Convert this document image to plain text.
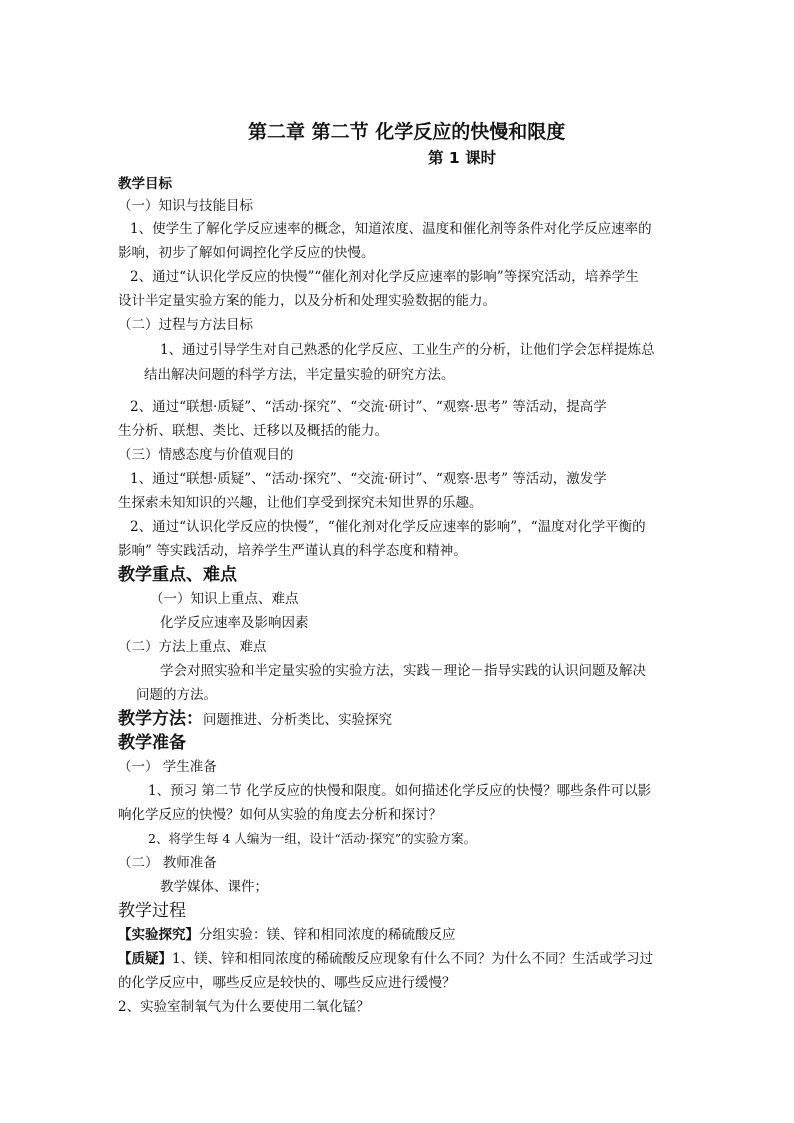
第二章 第二节 化学反应的快慢和限度
第 1 课时
教学目标
（一）知识与技能目标
1、使学生了解化学反应速率的概念，知道浓度、温度和催化剂等条件对化学反应速率的
影响，初步了解如何调控化学反应的快慢。
2、通过“认识化学反应的快慢”“催化剂对化学反应速率的影响”等探究活动，培养学生
设计半定量实验方案的能力，以及分析和处理实验数据的能力。
（二）过程与方法目标
1、通过引导学生对自己熟悉的化学反应、工业生产的分析，让他们学会怎样提炼总
结出解决问题的科学方法，半定量实验的研究方法。
2、通过“联想·质疑”、“活动·探究”、“交流·研讨”、“观察·思考” 等活动，提高学
生分析、联想、类比、迁移以及概括的能力。
（三）情感态度与价值观目的
1、通过“联想·质疑”、“活动·探究”、“交流·研讨”、“观察·思考” 等活动，激发学
生探索未知知识的兴趣，让他们享受到探究未知世界的乐趣。
2、通过“认识化学反应的快慢”，“催化剂对化学反应速率的影响”，“温度对化学平衡的
影响” 等实践活动，培养学生严谨认真的科学态度和精神。
教学重点、难点
（一）知识上重点、难点
化学反应速率及影响因素
（二）方法上重点、难点
学会对照实验和半定量实验的实验方法，实践－理论－指导实践的认识问题及解决
问题的方法。
教学方法：问题推进、分析类比、实验探究
教学准备
（一） 学生准备
1、预习 第二节 化学反应的快慢和限度。如何描述化学反应的快慢？哪些条件可以影
响化学反应的快慢？如何从实验的角度去分析和探讨？
2、将学生每 4 人编为一组，设计“活动·探究”的实验方案。
（二） 教师准备
教学媒体、课件；
教学过程
【实验探究】分组实验：镁、锌和相同浓度的稀硫酸反应
【质疑】1、镁、锌和相同浓度的稀硫酸反应现象有什么不同？为什么不同？生活或学习过
的化学反应中，哪些反应是较快的、哪些反应进行缓慢？
2、实验室制氧气为什么要使用二氧化锰？
